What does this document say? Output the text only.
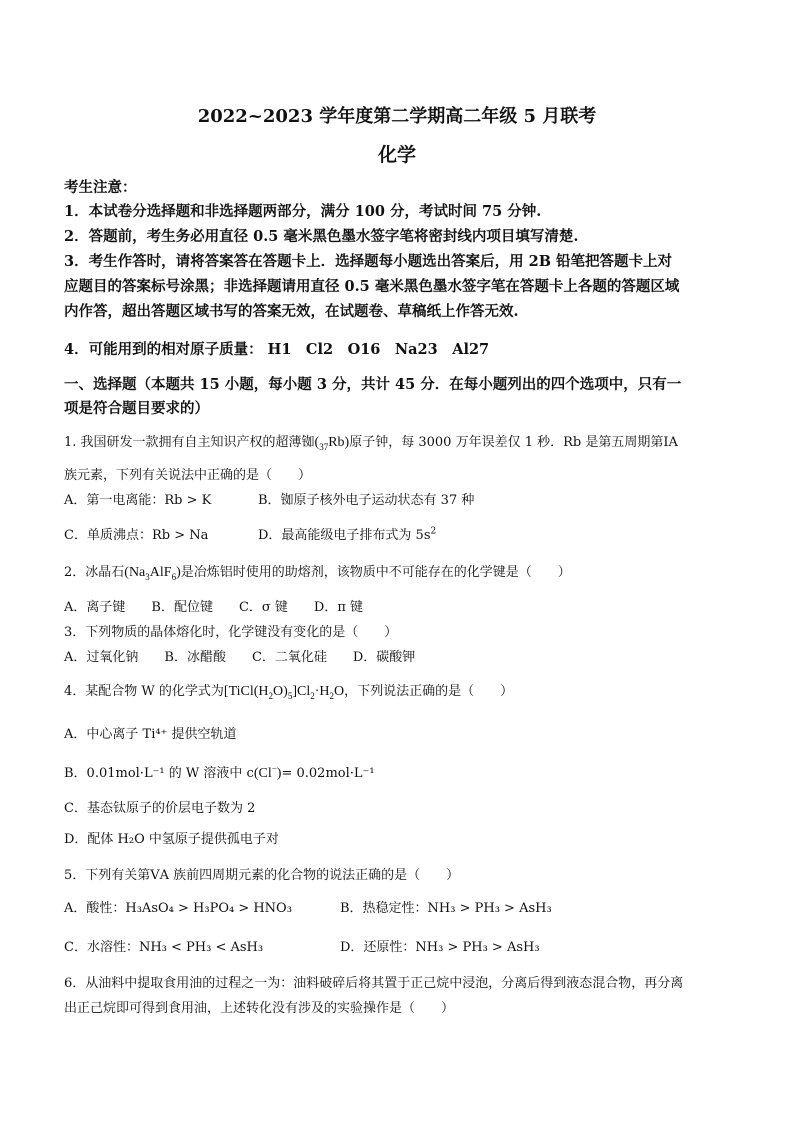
2022~2023 学年度第二学期高二年级 5 月联考
化学
考生注意：
1．本试卷分选择题和非选择题两部分，满分 100 分，考试时间 75 分钟.
2．答题前，考生务必用直径 0.5 毫米黑色墨水签字笔将密封线内项目填写清楚.
3．考生作答时，请将答案答在答题卡上．选择题每小题选出答案后，用 2B 铅笔把答题卡上对
应题目的答案标号涂黑；非选择题请用直径 0.5 毫米黑色墨水签字笔在答题卡上各题的答题区域
内作答，超出答题区域书写的答案无效，在试题卷、草稿纸上作答无效.
4．可能用到的相对原子质量： H1　Cl2　O16　Na23　Al27
一、选择题（本题共 15 小题，每小题 3 分，共计 45 分．在每小题列出的四个选项中，只有一
项是符合题目要求的）
1. 我国研发一款拥有自主知识产权的超薄铷$(_{37}Rb)$原子钟，每 3000 万年误差仅 1 秒．Rb 是第五周期第ⅠA
族元素，下列有关说法中正确的是（　　）
A．第一电离能：Rb > K	B．铷原子核外电子运动状态有 37 种
C．单质沸点：Rb > Na	D．最高能级电子排布式为 $5s^2$
2．冰晶石$(Na_3AlF_6)$是冶炼铝时使用的助熔剂，该物质中不可能存在的化学键是（　　）
A．离子键　　B．配位键　　C．σ 键　　D．π 键
3．下列物质的晶体熔化时，化学键没有变化的是（　　）
A．过氧化钠　　B．冰醋酸　　C．二氧化硅　　D．碳酸钾
4．某配合物 W 的化学式为$[TiCl(H_2O)_5]Cl_2\cdot H_2O$，下列说法正确的是（　　）
A．中心离子 Ti⁴⁺ 提供空轨道
B．0.01mol·L⁻¹ 的 W 溶液中 c(Cl−)= 0.02mol·L⁻¹
C．基态钛原子的价层电子数为 2
D．配体 H₂O 中氢原子提供孤电子对
5．下列有关第ⅤA 族前四周期元素的化合物的说法正确的是（　　）
A．酸性：H₃AsO₄ > H₃PO₄ > HNO₃	B．热稳定性：NH₃ > PH₃ > AsH₃
C．水溶性：NH₃ < PH₃ < AsH₃	D．还原性：NH₃ > PH₃ > AsH₃
6．从油料中提取食用油的过程之一为：油料破碎后将其置于正己烷中浸泡，分离后得到液态混合物，再分离
出正己烷即可得到食用油，上述转化没有涉及的实验操作是（　　）
